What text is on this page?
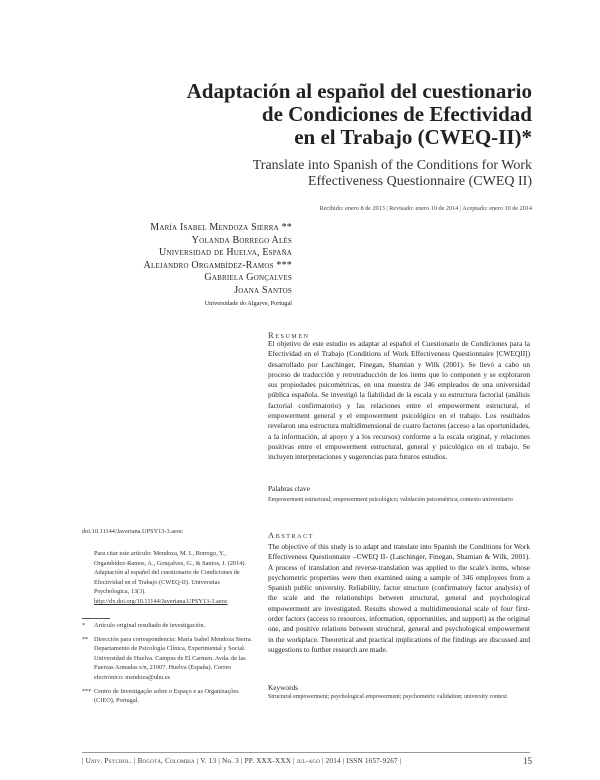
Adaptación al español del cuestionario
de Condiciones de Efectividad
en el Trabajo (CWEQ-II)*
Translate into Spanish of the Conditions for Work
Effectiveness Questionnaire (CWEQ II)
Recibido: enero 8 de 2013 | Revisado: enero 10 de 2014 | Aceptado: enero 10 de 2014
María Isabel Mendoza Sierra **
Yolanda Borrego Alés
Universidad de Huelva, España
Alejandro Orgambídez-Ramos ***
Gabriela Gonçalves
Joana Santos
Universidade do Algarve, Portugal
Resumen
El objetivo de este estudio es adaptar al español el Cuestionario de Condiciones para la Efectividad en el Trabajo (Conditions of Work Effectiveness Questionnaire [CWEQII]) desarrollado por Laschinger, Finegan, Shamian y Wilk (2001). Se llevó a cabo un proceso de traducción y retrotraducción de los ítems que lo componen y se exploraron sus propiedades psicométricas, en una muestra de 346 empleados de una universidad pública española. Se investigó la fiabilidad de la escala y su estructura factorial (análisis factorial confirmatorio) y las relaciones entre el empowerment estructural, el empowerment general y el empowerment psicológico en el trabajo. Los resultados revelaron una estructura multidimensional de cuatro factores (acceso a las oportunidades, a la información, al apoyo y a los recursos) conforme a la escala original, y relaciones positivas entre el empowerment estructural, general y psicológico en el trabajo. Se incluyen interpretaciones y sugerencias para futuros estudios.
Palabras clave
Empowerment estructural; empowerment psicológico; validación psicométrica; contexto universitario
Abstract
The objective of this study is to adapt and translate into Spanish the Conditions for Work Effectiveness Questionnaire –CWEQ II- (Laschinger, Finegan, Shamian & Wilk, 2001). A process of translation and reverse-translation was applied to the scale's items, whose psychometric properties were then examined using a sample of 346 employees from a Spanish public university. Reliability, factor structure (confirmatory factor analysis) of the scale and the relationships between structural, general and psychological empowerment are investigated. Results showed a multidimensional scale of four first-order factors (access to resources, information, opportunities, and support) as the original one, and positive relations between structural, general and psychological empowerment in the workplace. Theoretical and practical implications of the findings are discussed and suggestions to further research are made.
Keywords
Structural empowerment; psychological empowerment; psychometric validation; university context
doi:10.11144/Javeriana.UPSY13-3.aeoc
Para citar este artículo: Mendoza, M. I., Borrego, Y., Orgambídez-Ramos, A., Gonçalves, G., & Santos, J. (2014). Adaptación al español del cuestionario de Condiciones de Efectividad en el Trabajo (CWEQ-II). Universitas Psychologica, 13(3). http://dx.doi.org/10.11144/Javeriana.UPSY13-3.aeoc
* Artículo original resultado de investigación.
** Dirección para correspondencia: María Isabel Mendoza Sierra. Departamento de Psicología Clínica, Experimental y Social. Universidad de Huelva. Campus de El Carmen. Avda. de las Fuerzas Armadas s/n, 21007. Huelva (España). Correo electrónico: mendoza@uhu.es
*** Centro de Investigação sobre o Espaço e as Organizações (CIEO), Portugal.
| Univ. Psychol. | Bogotá, Colombia | V. 13 | No. 3 | PP. XXX-XXX | jul-ago | 2014 | ISSN 1657-9267 |	15
